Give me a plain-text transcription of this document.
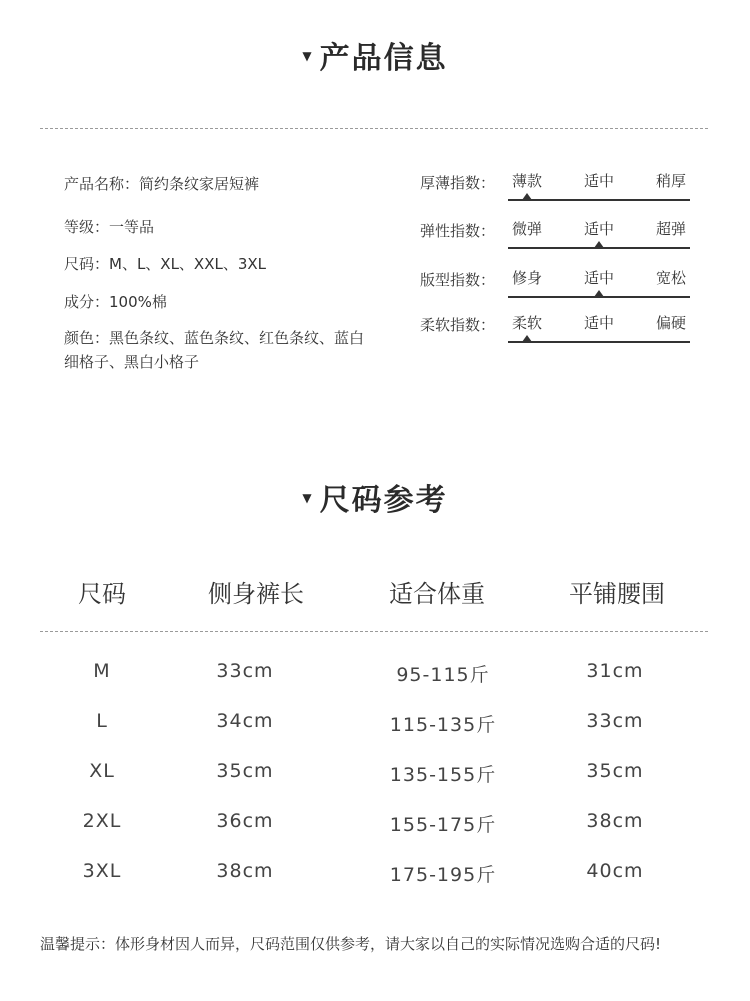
▼ 产品信息
产品名称：简约条纹家居短裤
等级：一等品
尺码：M、L、XL、XXL、3XL
成分：100%棉
颜色：黑色条纹、蓝色条纹、红色条纹、蓝白细格子、黑白小格子
厚薄指数： 薄款	适中	稍厚
弹性指数： 微弹	适中	超弹
版型指数： 修身	适中	宽松
柔软指数： 柔软	适中	偏硬
▼ 尺码参考
尺码	侧身裤长	适合体重	平铺腰围
M	33cm	95-115斤	31cm
L	34cm	115-135斤	33cm
XL	35cm	135-155斤	35cm
2XL	36cm	155-175斤	38cm
3XL	38cm	175-195斤	40cm
温馨提示：体形身材因人而异，尺码范围仅供参考，请大家以自己的实际情况选购合适的尺码!
